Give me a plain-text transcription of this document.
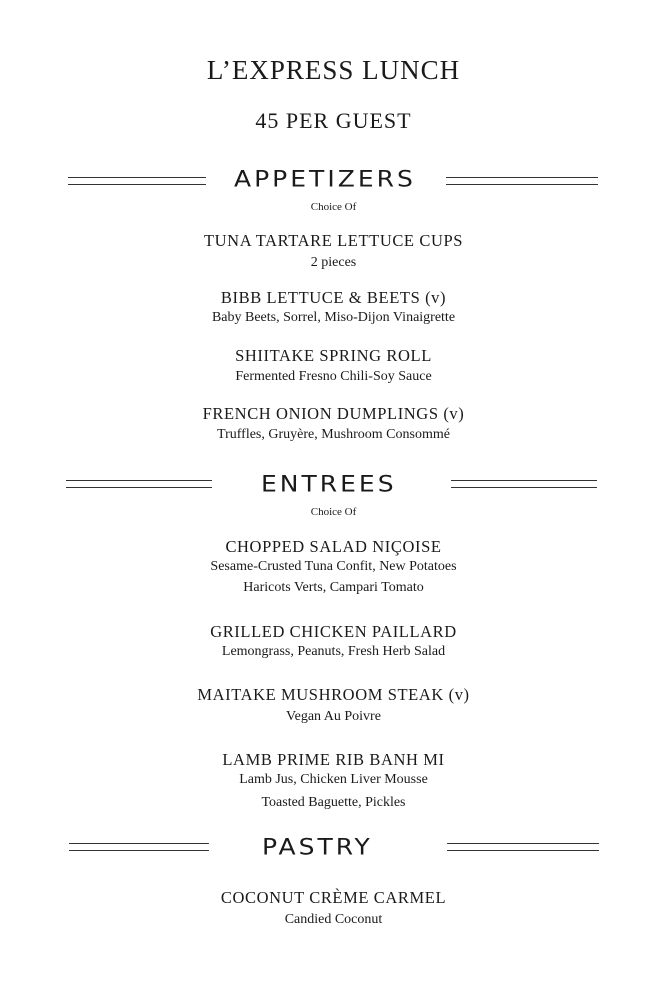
L’EXPRESS LUNCH
45 PER GUEST
APPETIZERS
Choice Of
TUNA TARTARE LETTUCE CUPS
2 pieces
BIBB LETTUCE & BEETS (v)
Baby Beets, Sorrel, Miso-Dijon Vinaigrette
SHIITAKE SPRING ROLL
Fermented Fresno Chili-Soy Sauce
FRENCH ONION DUMPLINGS (v)
Truffles, Gruyère, Mushroom Consommé
ENTREES
Choice Of
CHOPPED SALAD NIÇOISE
Sesame-Crusted Tuna Confit, New Potatoes
Haricots Verts, Campari Tomato
GRILLED CHICKEN PAILLARD
Lemongrass, Peanuts, Fresh Herb Salad
MAITAKE MUSHROOM STEAK (v)
Vegan Au Poivre
LAMB PRIME RIB BANH MI
Lamb Jus, Chicken Liver Mousse
Toasted Baguette, Pickles
PASTRY
COCONUT CRÈME CARMEL
Candied Coconut
